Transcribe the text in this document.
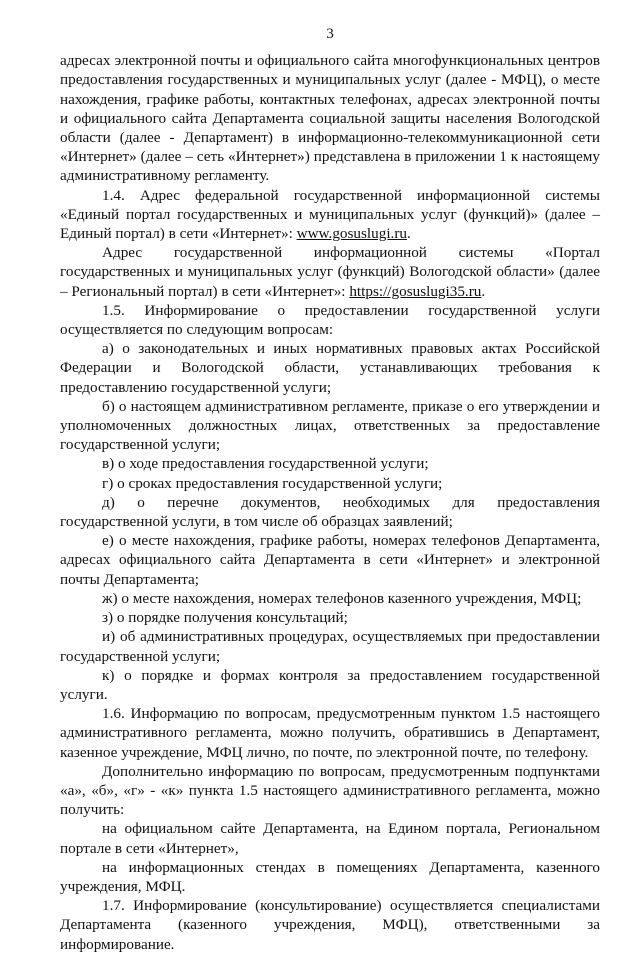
3

адресах электронной почты и официального сайта многофункциональных центров предоставления государственных и муниципальных услуг (далее - МФЦ), о месте нахождения, графике работы, контактных телефонах, адресах электронной почты и официального сайта Департамента социальной защиты населения Вологодской области (далее - Департамент) в информационно-телекоммуникационной сети «Интернет» (далее – сеть «Интернет») представлена в приложении 1 к настоящему административному регламенту.

1.4. Адрес федеральной государственной информационной системы «Единый портал государственных и муниципальных услуг (функций)» (далее – Единый портал) в сети «Интернет»: www.gosuslugi.ru.

Адрес государственной информационной системы «Портал государственных и муниципальных услуг (функций) Вологодской области» (далее – Региональный портал) в сети «Интернет»: https://gosuslugi35.ru.

1.5. Информирование о предоставлении государственной услуги осуществляется по следующим вопросам:

а) о законодательных и иных нормативных правовых актах Российской Федерации и Вологодской области, устанавливающих требования к предоставлению государственной услуги;

б) о настоящем административном регламенте, приказе о его утверждении и уполномоченных должностных лицах, ответственных за предоставление государственной услуги;

в) о ходе предоставления государственной услуги;

г) о сроках предоставления государственной услуги;

д) о перечне документов, необходимых для предоставления государственной услуги, в том числе об образцах заявлений;

е) о месте нахождения, графике работы, номерах телефонов Департамента, адресах официального сайта Департамента в сети «Интернет» и электронной почты Департамента;

ж) о месте нахождения, номерах телефонов казенного учреждения, МФЦ;

з) о порядке получения консультаций;

и) об административных процедурах, осуществляемых при предоставлении государственной услуги;

к) о порядке и формах контроля за предоставлением государственной услуги.

1.6. Информацию по вопросам, предусмотренным пунктом 1.5 настоящего административного регламента, можно получить, обратившись в Департамент, казенное учреждение, МФЦ лично, по почте, по электронной почте, по телефону.

Дополнительно информацию по вопросам, предусмотренным подпунктами «а», «б», «г» - «к» пункта 1.5 настоящего административного регламента, можно получить:

на официальном сайте Департамента, на Едином портала, Региональном портале в сети «Интернет»,

на информационных стендах в помещениях Департамента, казенного учреждения, МФЦ.

1.7. Информирование (консультирование) осуществляется специалистами Департамента (казенного учреждения, МФЦ), ответственными за информирование.
